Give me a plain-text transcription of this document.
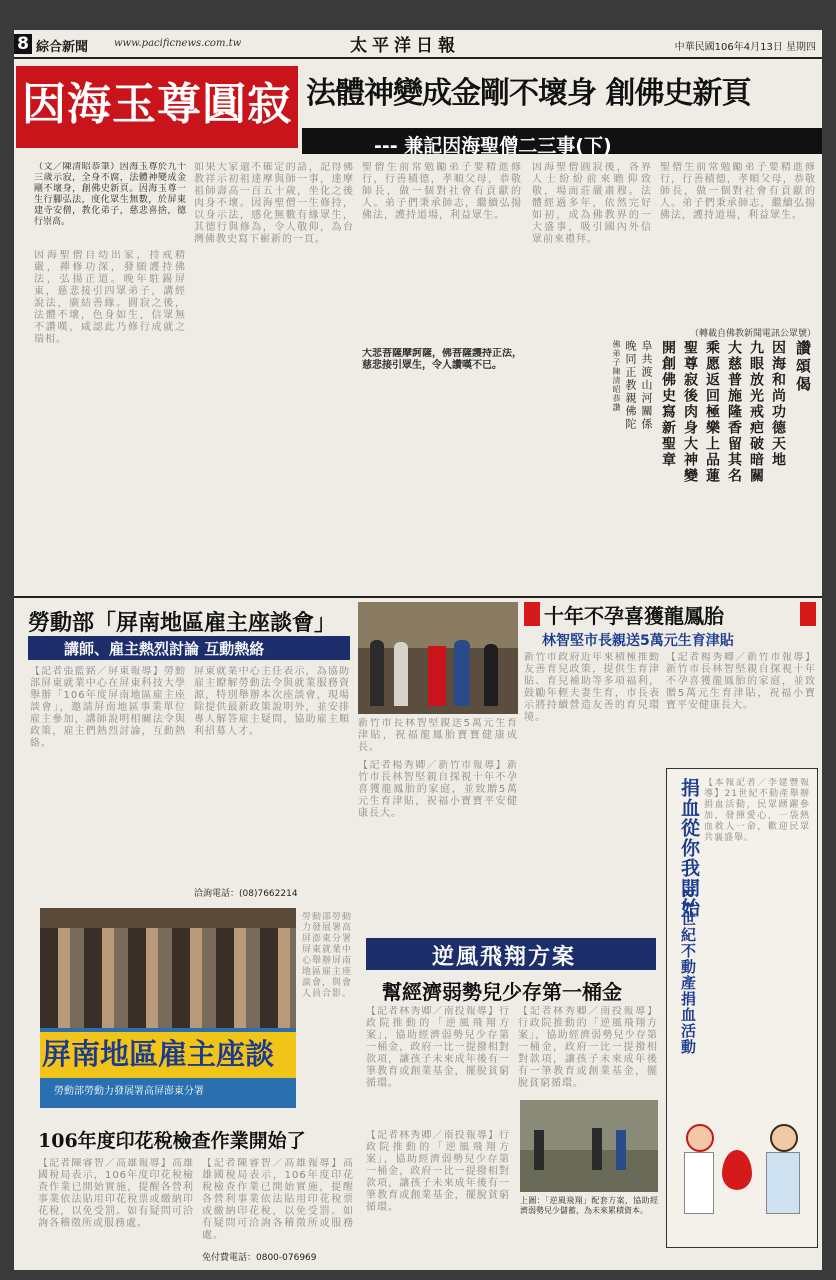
8 綜合新聞	www.pacificnews.com.tw	太平洋日報	中華民國106年4月13日 星期四
因海玉尊圓寂 法體神變成金剛不壞身 創佛史新頁
--- 兼記因海聖僧二三事(下)
（文／陳清昭恭筆）因海玉尊於九十三歲示寂，全身不腐，法體神變成金剛不壞身，創佛史新頁。因海玉尊一生行腳弘法，度化眾生無數，於屏東建寺安僧，教化弟子，慈悲喜捨，德行崇高。
因海聖僧自幼出家，持戒精嚴，禪修功深，發願護持佛法，弘揚正道。晚年駐錫屏東，慈悲接引四眾弟子，講經說法，廣結善緣。圓寂之後，法體不壞，色身如生，信眾無不讚嘆，咸認此乃修行成就之瑞相。
如果大家還不確定的話，記得佛教祥示初祖達摩與師一事，達摩祖師壽高一百五十歲，坐化之後肉身不壞。因海聖僧一生修持，以身示法，感化無數有緣眾生，其德行與修為，令人敬仰，為台灣佛教史寫下嶄新的一頁。
聖僧生前常勉勵弟子要精進修行，行善積德，孝順父母，恭敬師長，做一個對社會有貢獻的人。弟子們秉承師志，繼續弘揚佛法，護持道場，利益眾生。
大悲菩薩摩訶薩，佛菩薩護持正法，慈悲接引眾生，令人讚嘆不已。
因海聖僧圓寂後，各界人士紛紛前來瞻仰致敬，場面莊嚴肅穆。法體經過多年，依然完好如初，成為佛教界的一大盛事，吸引國內外信眾前來禮拜。
聖僧生前常勉勵弟子要精進修行，行善積德，孝順父母，恭敬師長，做一個對社會有貢獻的人。弟子們秉承師志，繼續弘揚佛法，護持道場，利益眾生。
（轉載自佛教新聞電訊公眾號）
讚頌偈
因海和尚功德天地
九眼放光戒疤破暗關
大慈普施隆香留其名
乘愿返回極樂上品蓮
聖尊寂後肉身大神變
開創佛史寫新聖章
阜共渡山河關係
晚同正教親佛陀
佛弟子陳清昭恭讚
勞動部「屏南地區雇主座談會」
講師、雇主熱烈討論 互動熱絡
【記者張藍銘／屏東報導】勞動部屏東就業中心在屏東科技大學舉辦「106年度屏南地區雇主座談會」，邀請屏南地區事業單位雇主參加，講師說明相關法令與政策，雇主們熱烈討論，互動熱絡。
屏東就業中心主任表示，為協助雇主瞭解勞動法令與就業服務資源，特別舉辦本次座談會，現場除提供最新政策說明外，並安排專人解答雇主疑問，協助雇主順利招募人才。
洽詢電話：(08)7662214
新竹市長林智堅親送5萬元生育津貼，祝福龍鳳胎寶寶健康成長。
【記者楊秀卿／新竹市報導】新竹市長林智堅親自探視十年不孕喜獲龍鳳胎的家庭，並致贈5萬元生育津貼，祝福小寶寶平安健康長大。
十年不孕喜獲龍鳳胎
林智堅市長親送5萬元生育津貼
新竹市政府近年來積極推動友善育兒政策，提供生育津貼、育兒補助等多項福利，鼓勵年輕夫妻生育，市長表示將持續營造友善的育兒環境。
【記者楊秀卿／新竹市報導】新竹市長林智堅親自探視十年不孕喜獲龍鳳胎的家庭，並致贈5萬元生育津貼，祝福小寶寶平安健康長大。
捐血從你我開始
21世紀不動產捐血活動
【本報記者／李建豐報導】21世紀不動產舉辦捐血活動，民眾踴躍參加，發揮愛心，一袋熱血救人一命，歡迎民眾共襄盛舉。
屏南地區雇主座談
勞動部勞動力發展署高屏澎東分署
勞動部勞動力發展署高屏澎東分署屏東就業中心舉辦屏南地區雇主座談會，與會人員合影。
逆風飛翔方案
幫經濟弱勢兒少存第一桶金
【記者林秀卿／南投報導】行政院推動的「逆風飛翔方案」，協助經濟弱勢兒少存第一桶金，政府一比一提撥相對款項，讓孩子未來成年後有一筆教育或創業基金，擺脫貧窮循環。
【記者林秀卿／南投報導】行政院推動的「逆風飛翔方案」，協助經濟弱勢兒少存第一桶金，政府一比一提撥相對款項，讓孩子未來成年後有一筆教育或創業基金，擺脫貧窮循環。
【記者林秀卿／南投報導】行政院推動的「逆風飛翔方案」，協助經濟弱勢兒少存第一桶金，政府一比一提撥相對款項，讓孩子未來成年後有一筆教育或創業基金，擺脫貧窮循環。
上圖：「逆風飛翔」配套方案，協助經濟弱勢兒少儲蓄，為未來累積資本。
106年度印花稅檢查作業開始了
【記者陳睿智／高雄報導】高雄國稅局表示，106年度印花稅檢查作業已開始實施，提醒各營利事業依法貼用印花稅票或繳納印花稅，以免受罰。如有疑問可洽詢各稽徵所或服務處。
【記者陳睿智／高雄報導】高雄國稅局表示，106年度印花稅檢查作業已開始實施，提醒各營利事業依法貼用印花稅票或繳納印花稅，以免受罰。如有疑問可洽詢各稽徵所或服務處。
免付費電話：0800-076969
